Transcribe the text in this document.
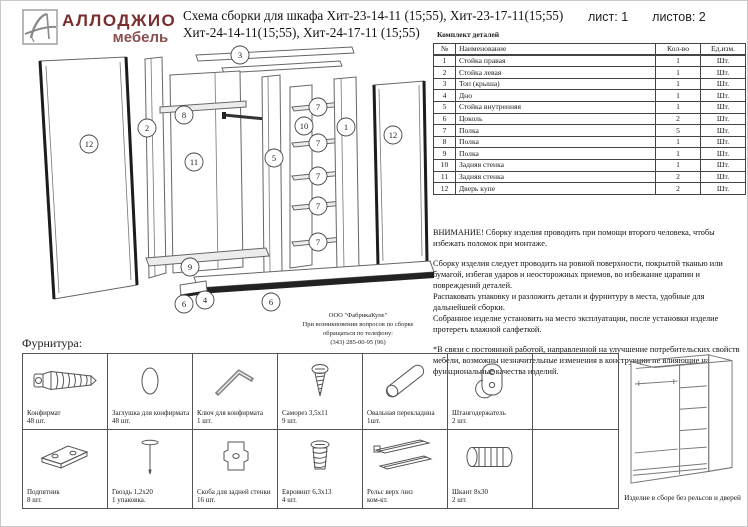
АЛЛОДЖИО
мебель
Схема сборки для шкафа Хит-23-14-11 (15;55), Хит-23-17-11(15;55)
Хит-24-14-11(15;55), Хит-24-17-11 (15;55)
лист: 1 листов: 2
12
2
8
11
3
5
10
7
7
7
7
7
1
12
9
6 4	6
ООО "ФабрикаКупе"
При возникновении вопросов по сборке
обращаться по телефону:
(343) 285-00-95 (96)
Комплект деталей
№	Наименование	Кол-во	Ед.изм.
1	Стойка правая	1	Шт.
2	Стойка левая	1	Шт.
3	Топ (крыша)	1	Шт.
4	Дно	1	Шт.
5	Стойка внутренняя	1	Шт.
6	Цоколь	2	Шт.
7	Полка	5	Шт.
8	Полка	1	Шт.
9	Полка	1	Шт.
10	Задняя стенка	1	Шт.
11	Задняя стенка	2	Шт.
12	Дверь купе	2	Шт.

ВНИМАНИЕ! Сборку изделия проводить при помощи второго человека, чтобы избежать поломок при монтаже.

Сборку изделия следует проводить на ровной поверхности, покрытой тканью или бумагой, избегая ударов и неосторожных приемов, во избежание царапин и повреждений деталей.

Распаковать упаковку и разложить детали и фурнитуру в места, удобные для дальнейшей сборки.

Собранное изделие установить на место эксплуатации, после установки изделие протереть влажной салфеткой.

*В связи с постоянной работой, направленной на улучшение потребительских свойств мебели, возможны незначительные изменения в конструкции не влияющие на функциональные качества изделий.

Фурнитура:
Конфирмат
48 шт.
Заглушка для конфирмата
48 шт.
Ключ для конфирмата
1 шт.
Саморез 3,5х11
9 шт.
Овальная перекладина
1шт.
Штангодержатель
2 шт.
Подпятник
8 шт.
Гвоздь 1,2х20
1 упаковка.
Скоба для задней стенки
16 шт.
Евровинт 6,3х13
4 шт.
Рельс верх /низ
ком-кт.
Шкант 8х30
2 шт.	Изделие в сборе без рельсов и дверей
